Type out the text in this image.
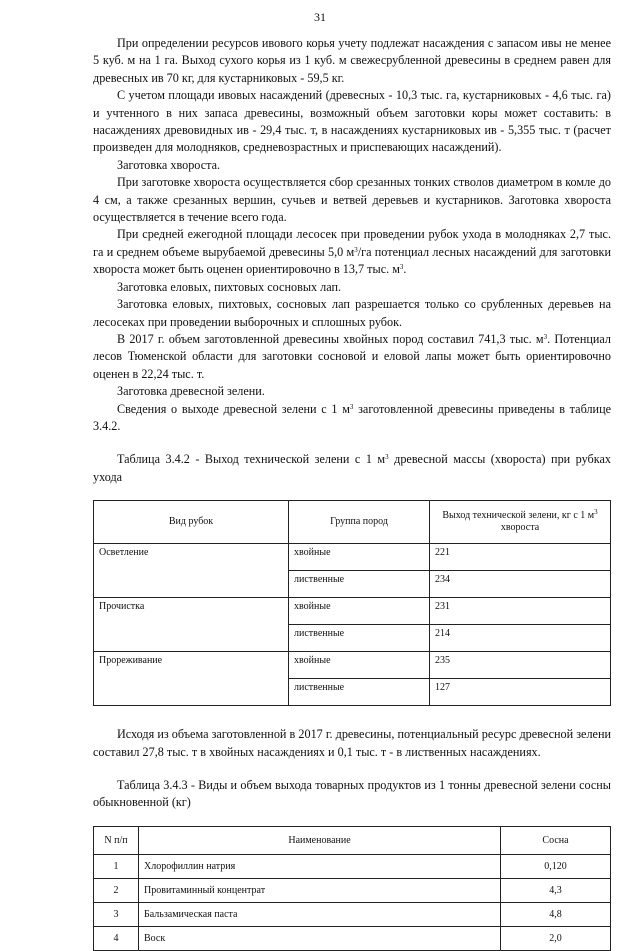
31

При определении ресурсов ивового корья учету подлежат насаждения с запасом ивы не менее 5 куб. м на 1 га. Выход сухого корья из 1 куб. м свежесрубленной древесины в среднем равен для древесных ив 70 кг, для кустарниковых - 59,5 кг.

С учетом площади ивовых насаждений (древесных - 10,3 тыс. га, кустарниковых - 4,6 тыс. га) и учтенного в них запаса древесины, возможный объем заготовки коры может составить: в насаждениях древовидных ив - 29,4 тыс. т, в насаждениях кустарниковых ив - 5,355 тыс. т (расчет произведен для молодняков, средневозрастных и приспевающих насаждений).

Заготовка хвороста.

При заготовке хвороста осуществляется сбор срезанных тонких стволов диаметром в комле до 4 см, а также срезанных вершин, сучьев и ветвей деревьев и кустарников. Заготовка хвороста осуществляется в течение всего года.

При средней ежегодной площади лесосек при проведении рубок ухода в молодняках 2,7 тыс. га и среднем объеме вырубаемой древесины 5,0 $м^3/га$ потенциал лесных насаждений для заготовки хвороста может быть оценен ориентировочно в 13,7 тыс. $м^3$.

Заготовка еловых, пихтовых сосновых лап.

Заготовка еловых, пихтовых, сосновых лап разрешается только со срубленных деревьев на лесосеках при проведении выборочных и сплошных рубок.

В 2017 г. объем заготовленной древесины хвойных пород составил 741,3 тыс. $м^3$. Потенциал лесов Тюменской области для заготовки сосновой и еловой лапы может быть ориентировочно оценен в 22,24 тыс. т.

Заготовка древесной зелени.

Сведения о выходе древесной зелени с 1 $м^3$ заготовленной древесины приведены в таблице 3.4.2.

Таблица 3.4.2 - Выход технической зелени с 1 $м^3$ древесной массы (хвороста) при рубках ухода

Вид рубок	Группа пород	Выход технической зелени, кг с 1 $м^3$ хвороста
Осветление	хвойные	221
	лиственные	234
Прочистка	хвойные	231
	лиственные	214
Прореживание	хвойные	235
	лиственные	127

Исходя из объема заготовленной в 2017 г. древесины, потенциальный ресурс древесной зелени составил 27,8 тыс. т в хвойных насаждениях и 0,1 тыс. т - в лиственных насаждениях.

Таблица 3.4.3 - Виды и объем выхода товарных продуктов из 1 тонны древесной зелени сосны обыкновенной (кг)

N п/п	Наименование	Сосна
1	Хлорофиллин натрия	0,120
2	Провитаминный концентрат	4,3
3	Бальзамическая паста	4,8
4	Воск	2,0
